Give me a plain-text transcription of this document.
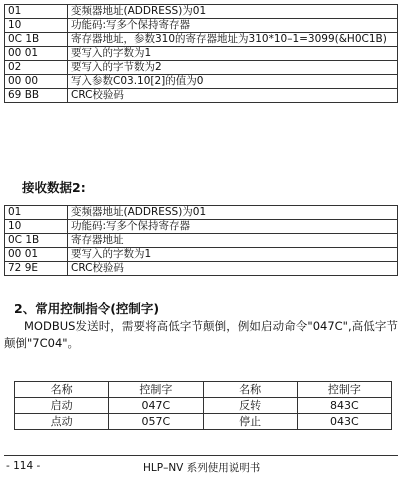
01	变频器地址(ADDRESS)为01
10	功能码:写多个保持寄存器
0C 1B	寄存器地址，参数310的寄存器地址为310*10–1=3099(&H0C1B)
00 01	要写入的字数为1
02	要写入的字节数为2
00 00	写入参数C03.10[2]的值为0
69 BB	CRC校验码
接收数据2:
01	变频器地址(ADDRESS)为01
10	功能码:写多个保持寄存器
0C 1B	寄存器地址
00 01	要写入的字数为1
72 9E	CRC校验码
2、常用控制指令(控制字)
MODBUS发送时，需要将高低字节颠倒，例如启动命令"047C",高低字节颠倒"7C04"。
名称	控制字	名称	控制字
启动	047C	反转	843C
点动	057C	停止	043C
- 114 -	HLP–NV 系列使用说明书
